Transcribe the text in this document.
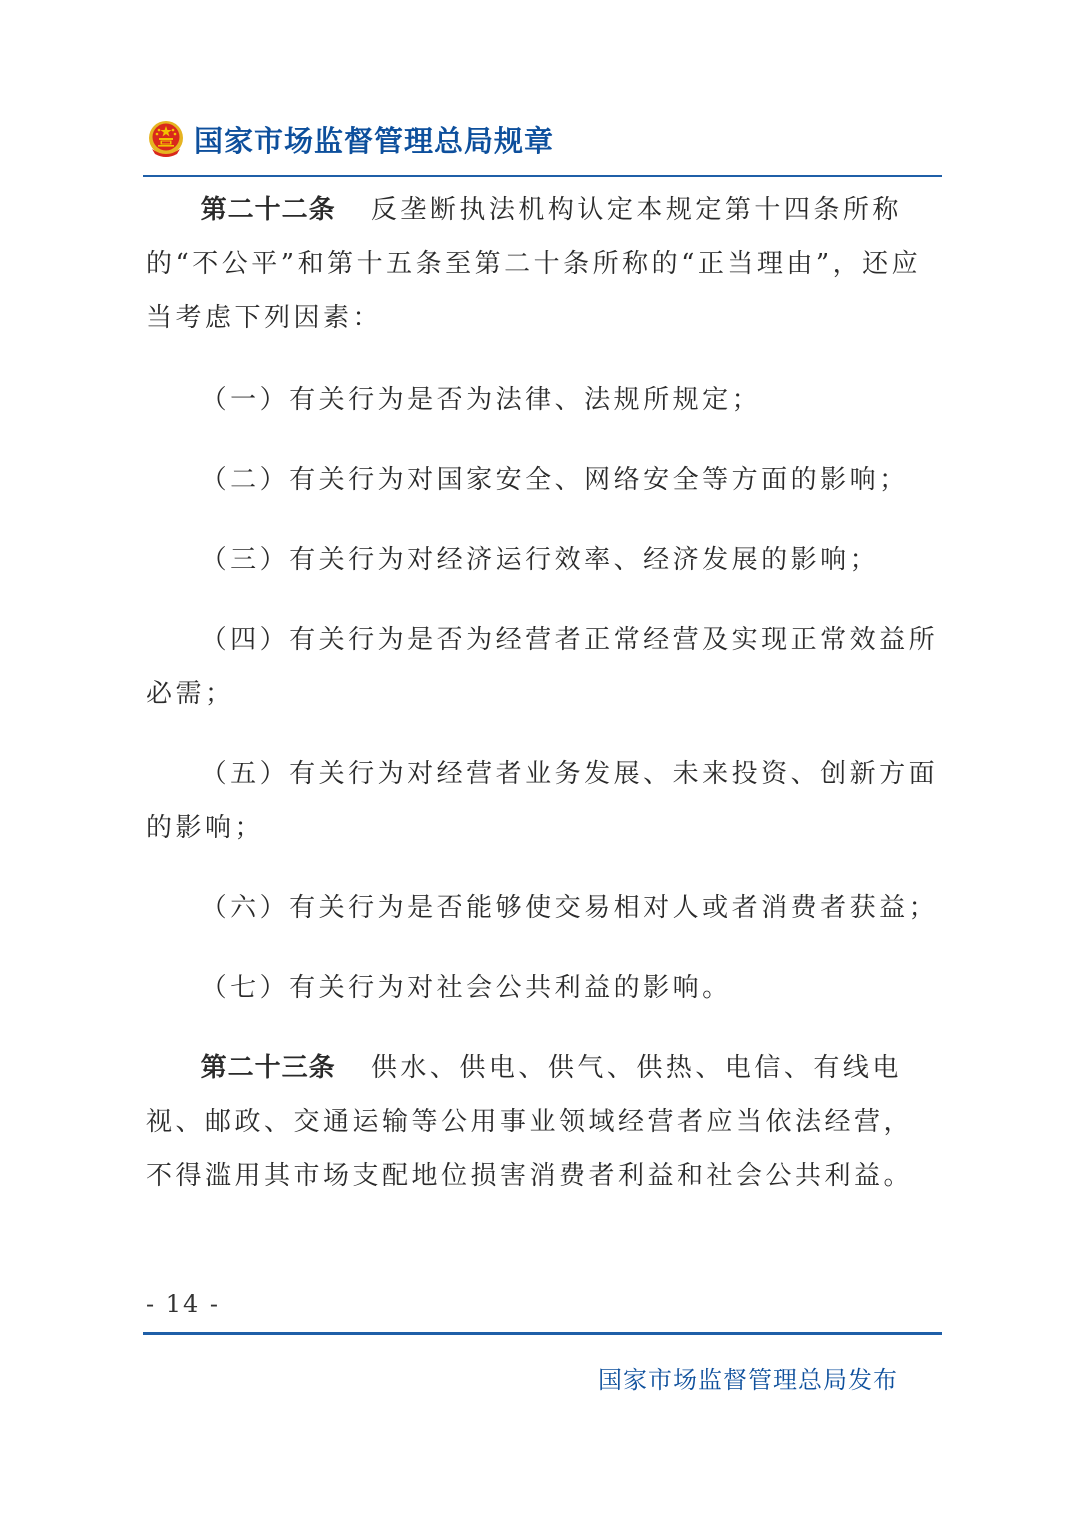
国家市场监督管理总局规章

第二十二条 反垄断执法机构认定本规定第十四条所称的“不公平”和第十五条至第二十条所称的“正当理由”，还应当考虑下列因素：

（一）有关行为是否为法律、法规所规定；

（二）有关行为对国家安全、网络安全等方面的影响；

（三）有关行为对经济运行效率、经济发展的影响；

（四）有关行为是否为经营者正常经营及实现正常效益所必需；

（五）有关行为对经营者业务发展、未来投资、创新方面的影响；

（六）有关行为是否能够使交易相对人或者消费者获益；

（七）有关行为对社会公共利益的影响。

第二十三条 供水、供电、供气、供热、电信、有线电视、邮政、交通运输等公用事业领域经营者应当依法经营，不得滥用其市场支配地位损害消费者利益和社会公共利益。

- 14 -
国家市场监督管理总局发布
